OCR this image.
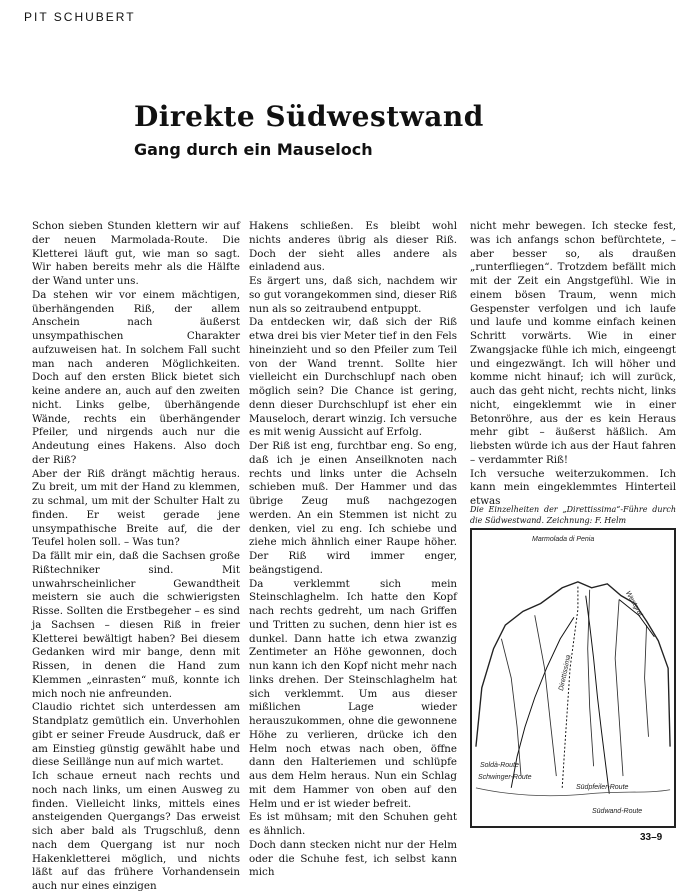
PIT SCHUBERT
Direkte Südwestwand
Gang durch ein Mauseloch

Schon sieben Stunden klettern wir auf der neuen Marmolada-Route. Die Kletterei läuft gut, wie man so sagt. Wir haben bereits mehr als die Hälfte der Wand unter uns.

Da stehen wir vor einem mächtigen, überhängenden Riß, der allem Anschein nach äußerst unsympathischen Charakter aufzuweisen hat. In solchem Fall sucht man nach anderen Möglichkeiten. Doch auf den ersten Blick bietet sich keine andere an, auch auf den zweiten nicht. Links gelbe, überhängende Wände, rechts ein überhängender Pfeiler, und nirgends auch nur die Andeutung eines Hakens. Also doch der Riß?

Aber der Riß drängt mächtig heraus. Zu breit, um mit der Hand zu klemmen, zu schmal, um mit der Schulter Halt zu finden. Er weist gerade jene unsympathische Breite auf, die der Teufel holen soll. – Was tun?

Da fällt mir ein, daß die Sachsen große Rißtechniker sind. Mit unwahrscheinlicher Gewandtheit meistern sie auch die schwierigsten Risse. Sollten die Erstbegeher – es sind ja Sachsen – diesen Riß in freier Kletterei bewältigt haben? Bei diesem Gedanken wird mir bange, denn mit Rissen, in denen die Hand zum Klemmen „einrasten“ muß, konnte ich mich noch nie anfreunden.

Claudio richtet sich unterdessen am Standplatz gemütlich ein. Unverhohlen gibt er seiner Freude Ausdruck, daß er am Einstieg günstig gewählt habe und diese Seillänge nun auf mich wartet.

Ich schaue erneut nach rechts und noch nach links, um einen Ausweg zu finden. Vielleicht links, mittels eines ansteigenden Quergangs? Das erweist sich aber bald als Trugschluß, denn nach dem Quergang ist nur noch Hakenkletterei möglich, und nichts läßt auf das frühere Vorhandensein auch nur eines einzigen

Hakens schließen. Es bleibt wohl nichts anderes übrig als dieser Riß. Doch der sieht alles andere als einladend aus.

Es ärgert uns, daß sich, nachdem wir so gut vorangekommen sind, dieser Riß nun als so zeitraubend entpuppt.

Da entdecken wir, daß sich der Riß etwa drei bis vier Meter tief in den Fels hineinzieht und so den Pfeiler zum Teil von der Wand trennt. Sollte hier vielleicht ein Durchschlupf nach oben möglich sein? Die Chance ist gering, denn dieser Durchschlupf ist eher ein Mauseloch, derart winzig. Ich versuche es mit wenig Aussicht auf Erfolg.

Der Riß ist eng, furchtbar eng. So eng, daß ich je einen Anseilknoten nach rechts und links unter die Achseln schieben muß. Der Hammer und das übrige Zeug muß nachgezogen werden. An ein Stemmen ist nicht zu denken, viel zu eng. Ich schiebe und ziehe mich ähnlich einer Raupe höher. Der Riß wird immer enger, beängstigend.

Da verklemmt sich mein Steinschlaghelm. Ich hatte den Kopf nach rechts gedreht, um nach Griffen und Tritten zu suchen, denn hier ist es dunkel. Dann hatte ich etwa zwanzig Zentimeter an Höhe gewonnen, doch nun kann ich den Kopf nicht mehr nach links drehen. Der Steinschlaghelm hat sich verklemmt. Um aus dieser mißlichen Lage wieder herauszukommen, ohne die gewonnene Höhe zu verlieren, drücke ich den Helm noch etwas nach oben, öffne dann den Halteriemen und schlüpfe aus dem Helm heraus. Nun ein Schlag mit dem Hammer von oben auf den Helm und er ist wieder befreit.

Es ist mühsam; mit den Schuhen geht es ähnlich.

Doch dann stecken nicht nur der Helm oder die Schuhe fest, ich selbst kann mich

nicht mehr bewegen. Ich stecke fest, was ich anfangs schon befürchtete, – aber besser so, als draußen „runterfliegen“. Trotzdem befällt mich mit der Zeit ein Angstgefühl. Wie in einem bösen Traum, wenn mich Gespenster verfolgen und ich laufe und laufe und komme einfach keinen Schritt vorwärts. Wie in einer Zwangsjacke fühle ich mich, eingeengt und eingezwängt. Ich will höher und komme nicht hinauf; ich will zurück, auch das geht nicht, rechts nicht, links nicht, eingeklemmt wie in einer Betonröhre, aus der es kein Heraus mehr gibt – äußerst häßlich. Am liebsten würde ich aus der Haut fahren – verdammter Riß!

Ich versuche weiterzukommen. Ich kann mein eingeklemmtes Hinterteil etwas

Die Einzelheiten der „Direttissima“-Führe durch die Südwestwand. Zeichnung: F. Helm
Marmolada di Penia
Soldà-Route
Schwinger-Route
Direttissima
Südwand-Route
Südpfeiler-Route
Westgrat
33–9
